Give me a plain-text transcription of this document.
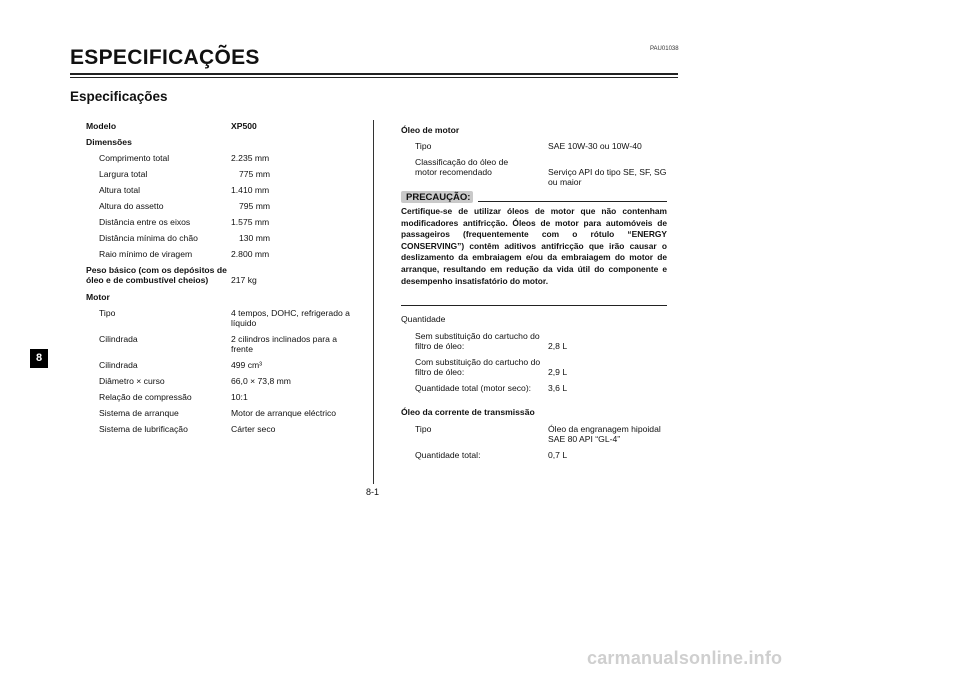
PAU01038
ESPECIFICAÇÕES
Especificações
8
Modelo	XP500
Dimensões
Comprimento total	2.235 mm
Largura total	775 mm
Altura total	1.410 mm
Altura do assetto	795 mm
Distância entre os eixos	1.575 mm
Distância mínima do chão	130 mm
Raio mínimo de viragem	2.800 mm
Peso básico (com os depósitos de
óleo e de combustível cheios)	217 kg
Motor
Tipo	4 tempos, DOHC, refrigerado a líquido
Cilindrada	2 cilindros inclinados para a frente
Cilindrada	499 cm³
Diâmetro × curso	66,0 × 73,8 mm
Relação de compressão	10:1
Sistema de arranque	Motor de arranque eléctrico
Sistema de lubrificação	Cárter seco
Óleo de motor
Tipo	SAE 10W-30 ou 10W-40
Classificação do óleo de
motor recomendado	Serviço API do tipo SE, SF, SG
ou maior
PRECAUÇÃO:
Certifique-se de utilizar óleos de motor que não contenham modificadores antifricção. Óleos de motor para automóveis de passageiros (frequentemente com o rótulo “ENERGY CONSERVING”) contêm aditivos antifricção que irão causar o deslizamento da embraiagem e/ou da embraiagem do motor de arranque, resultando em redução da vida útil do componente e desempenho insatisfatório do motor.
Quantidade
Sem substituição do cartucho do
filtro de óleo:	2,8 L
Com substituição do cartucho do
filtro de óleo:	2,9 L
Quantidade total (motor seco): 3,6 L
Óleo da corrente de transmissão
Tipo	Óleo da engranagem hipoidal
SAE 80 API “GL-4”
Quantidade total:	0,7 L
8-1
carmanualsonline.info
